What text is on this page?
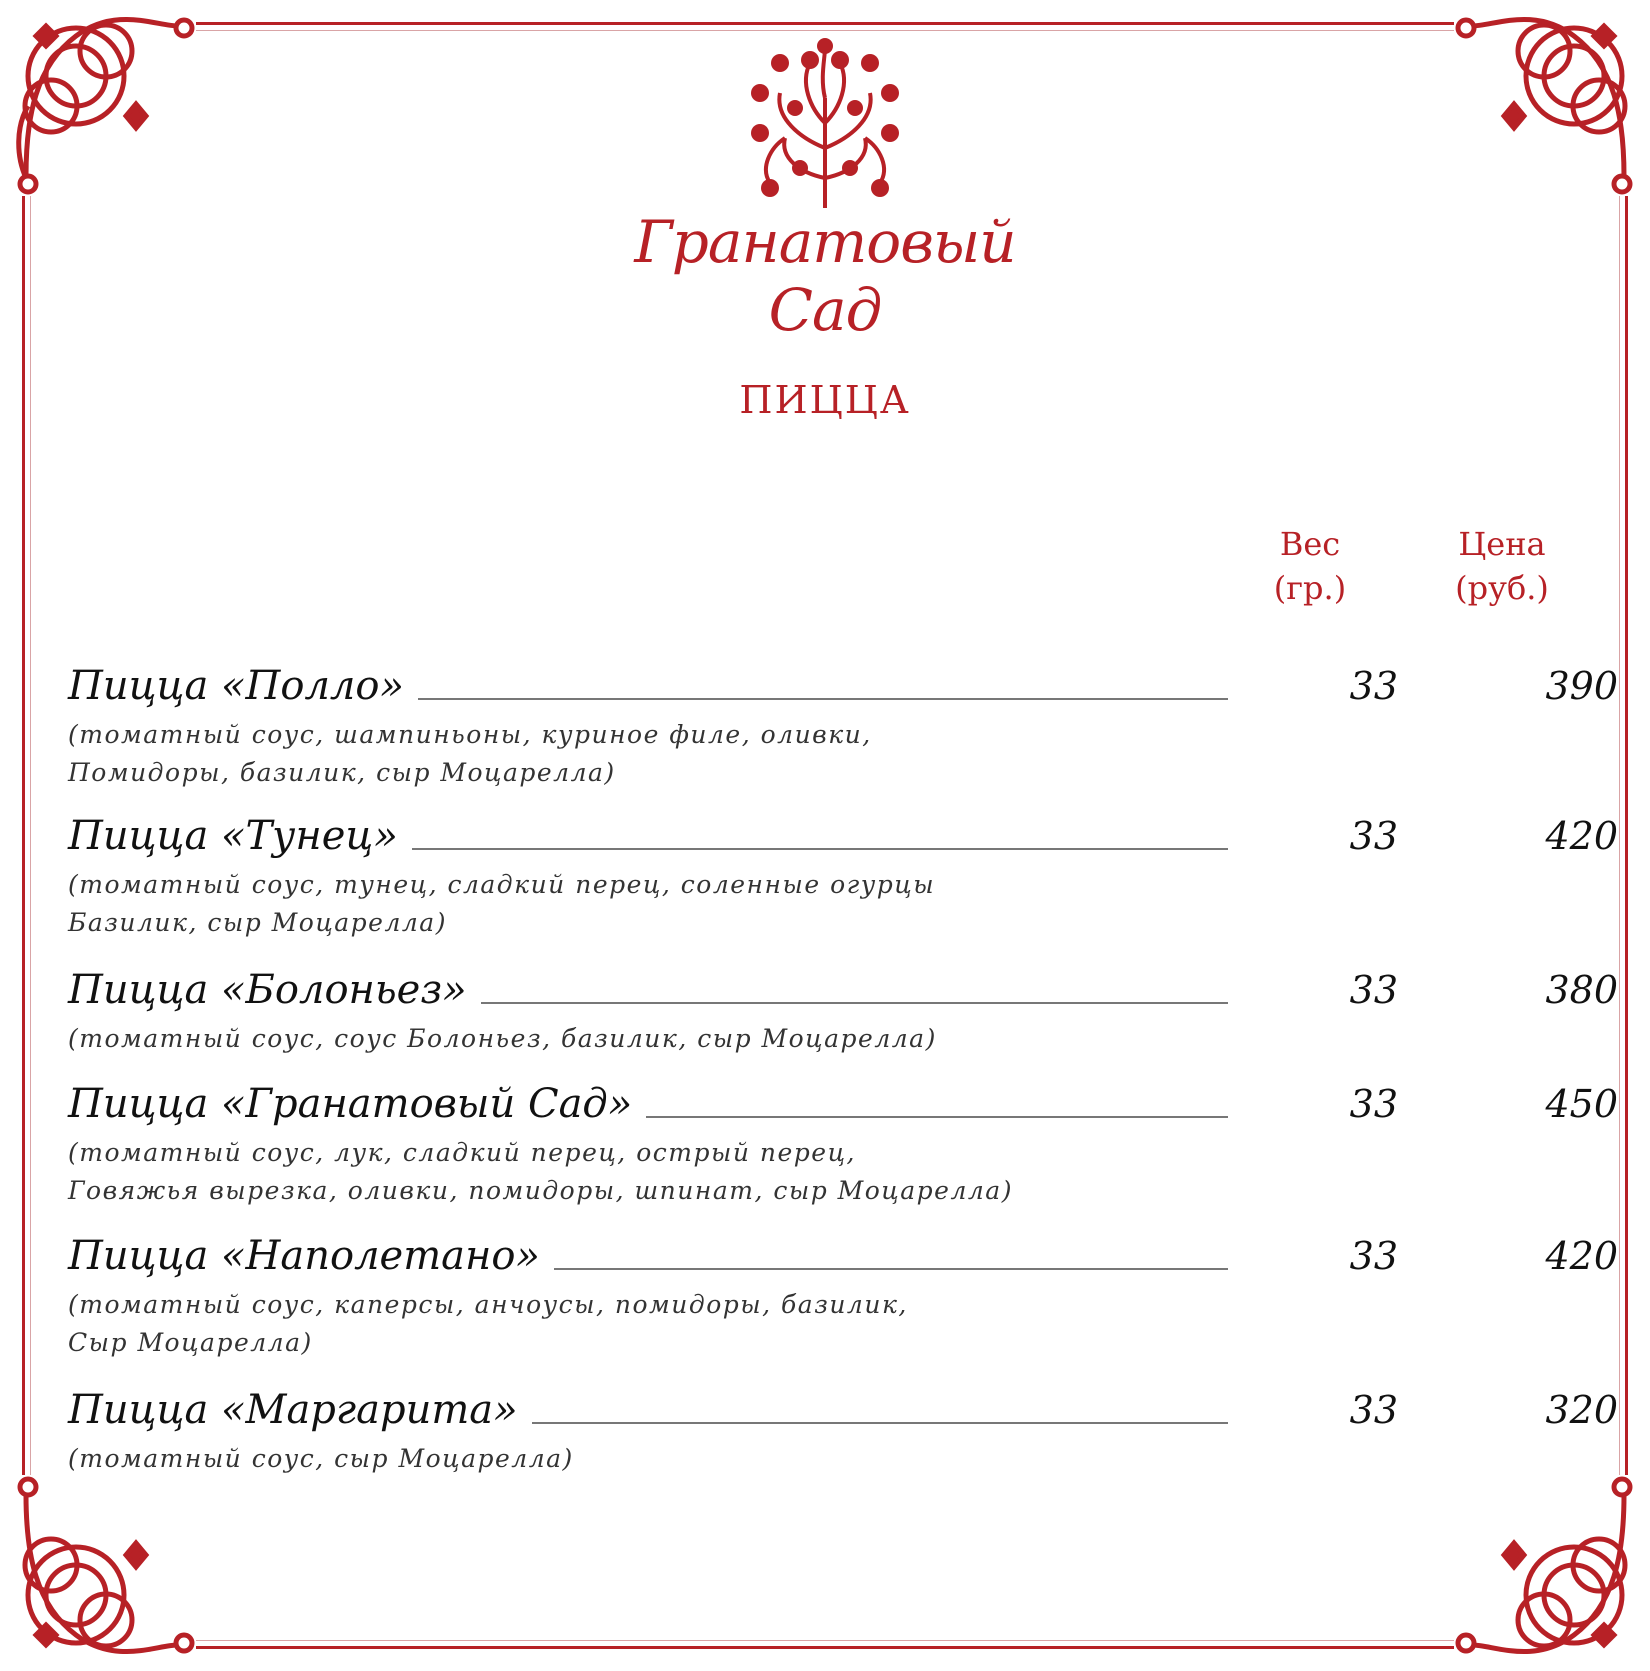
Гранатовый Сад
ПИЦЦА
Вес
(гр.)
Цена
(руб.)
Пицца «Полло»	33	390
(томатный соус, шампиньоны, куриное филе, оливки,
Помидоры, базилик, сыр Моцарелла)
Пицца «Тунец»	33	420
(томатный соус, тунец, сладкий перец, соленные огурцы
Базилик, сыр Моцарелла)
Пицца «Болоньез»	33	380
(томатный соус, соус Болоньез, базилик, сыр Моцарелла)
Пицца «Гранатовый Сад»	33	450
(томатный соус, лук, сладкий перец, острый перец,
Говяжья вырезка, оливки, помидоры, шпинат, сыр Моцарелла)
Пицца «Наполетано»	33	420
(томатный соус, каперсы, анчоусы, помидоры, базилик,
Сыр Моцарелла)
Пицца «Маргарита»	33	320
(томатный соус, сыр Моцарелла)
